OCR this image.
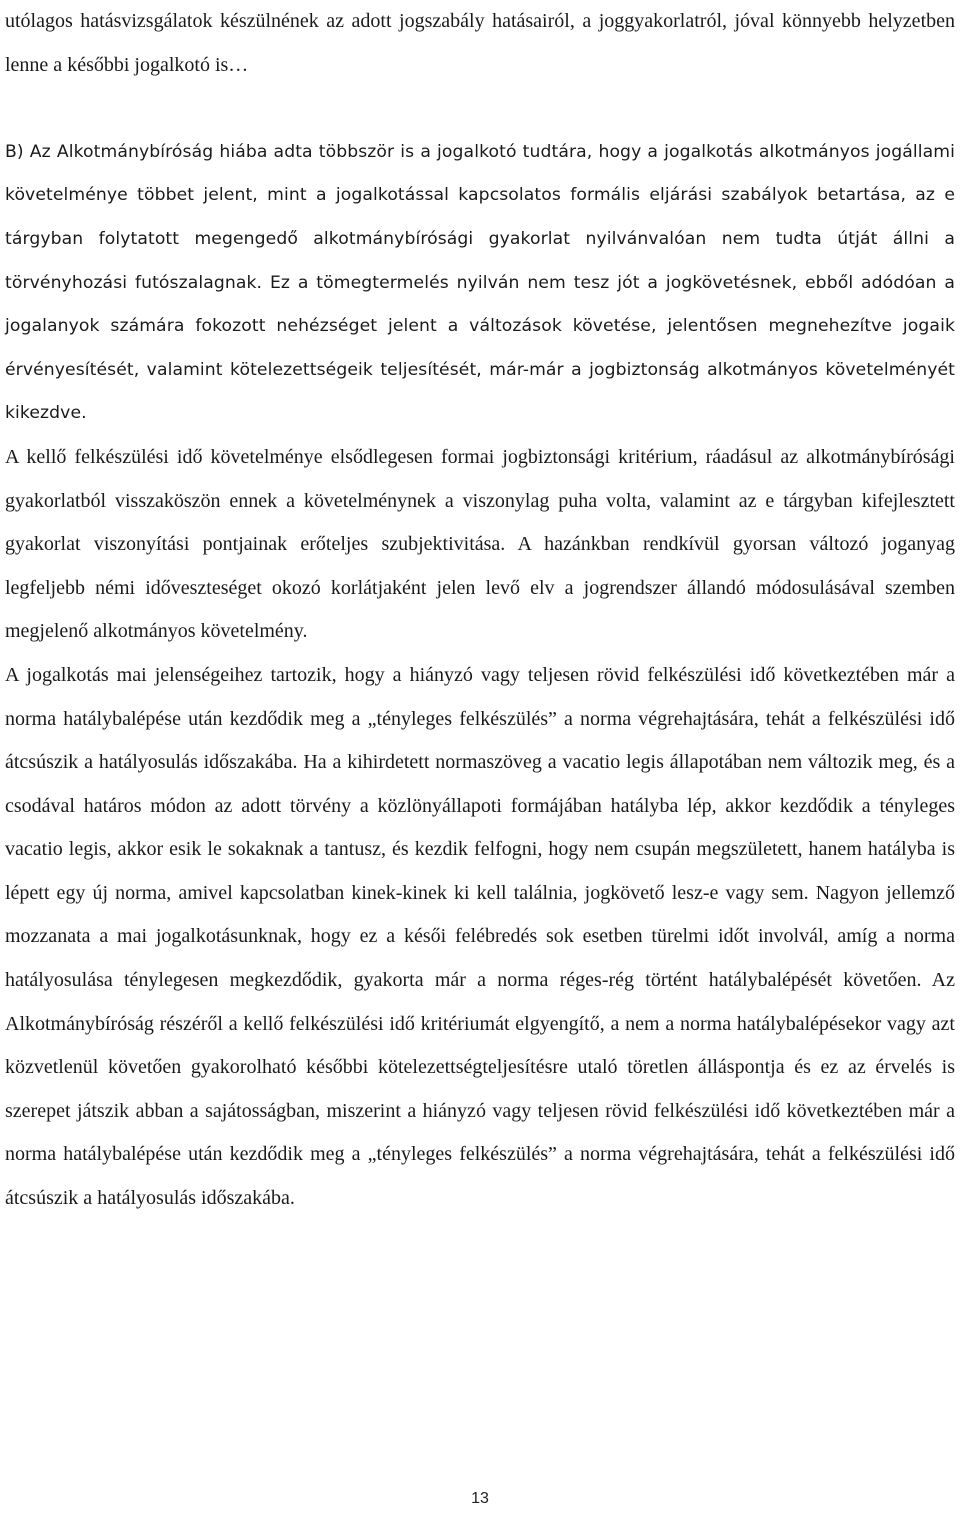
utólagos hatásvizsgálatok készülnének az adott jogszabály hatásairól, a joggyakorlatról, jóval könnyebb helyzetben lenne a későbbi jogalkotó is…

B) Az Alkotmánybíróság hiába adta többször is a jogalkotó tudtára, hogy a jogalkotás alkotmányos jogállami követelménye többet jelent, mint a jogalkotással kapcsolatos formális eljárási szabályok betartása, az e tárgyban folytatott megengedő alkotmánybírósági gyakorlat nyilvánvalóan nem tudta útját állni a törvényhozási futószalagnak. Ez a tömegtermelés nyilván nem tesz jót a jogkövetésnek, ebből adódóan a jogalanyok számára fokozott nehézséget jelent a változások követése, jelentősen megnehezítve jogaik érvényesítését, valamint kötelezettségeik teljesítését, már-már a jogbiztonság alkotmányos követelményét kikezdve.

A kellő felkészülési idő követelménye elsődlegesen formai jogbiztonsági kritérium, ráadásul az alkotmánybírósági gyakorlatból visszaköszön ennek a követelménynek a viszonylag puha volta, valamint az e tárgyban kifejlesztett gyakorlat viszonyítási pontjainak erőteljes szubjektivitása. A hazánkban rendkívül gyorsan változó joganyag legfeljebb némi időveszteséget okozó korlátjaként jelen levő elv a jogrendszer állandó módosulásával szemben megjelenő alkotmányos követelmény.

A jogalkotás mai jelenségeihez tartozik, hogy a hiányzó vagy teljesen rövid felkészülési idő következtében már a norma hatálybalépése után kezdődik meg a „tényleges felkészülés” a norma végrehajtására, tehát a felkészülési idő átcsúszik a hatályosulás időszakába. Ha a kihirdetett normaszöveg a vacatio legis állapotában nem változik meg, és a csodával határos módon az adott törvény a közlönyállapoti formájában hatályba lép, akkor kezdődik a tényleges vacatio legis, akkor esik le sokaknak a tantusz, és kezdik felfogni, hogy nem csupán megszületett, hanem hatályba is lépett egy új norma, amivel kapcsolatban kinek-kinek ki kell találnia, jogkövető lesz-e vagy sem. Nagyon jellemző mozzanata a mai jogalkotásunknak, hogy ez a késői felébredés sok esetben türelmi időt involvál, amíg a norma hatályosulása ténylegesen megkezdődik, gyakorta már a norma réges-rég történt hatálybalépését követően. Az Alkotmánybíróság részéről a kellő felkészülési idő kritériumát elgyengítő, a nem a norma hatálybalépésekor vagy azt közvetlenül követően gyakorolható későbbi kötelezettségteljesítésre utaló töretlen álláspontja és ez az érvelés is szerepet játszik abban a sajátosságban, miszerint a hiányzó vagy teljesen rövid felkészülési idő következtében már a norma hatálybalépése után kezdődik meg a „tényleges felkészülés” a norma végrehajtására, tehát a felkészülési idő átcsúszik a hatályosulás időszakába.

13
